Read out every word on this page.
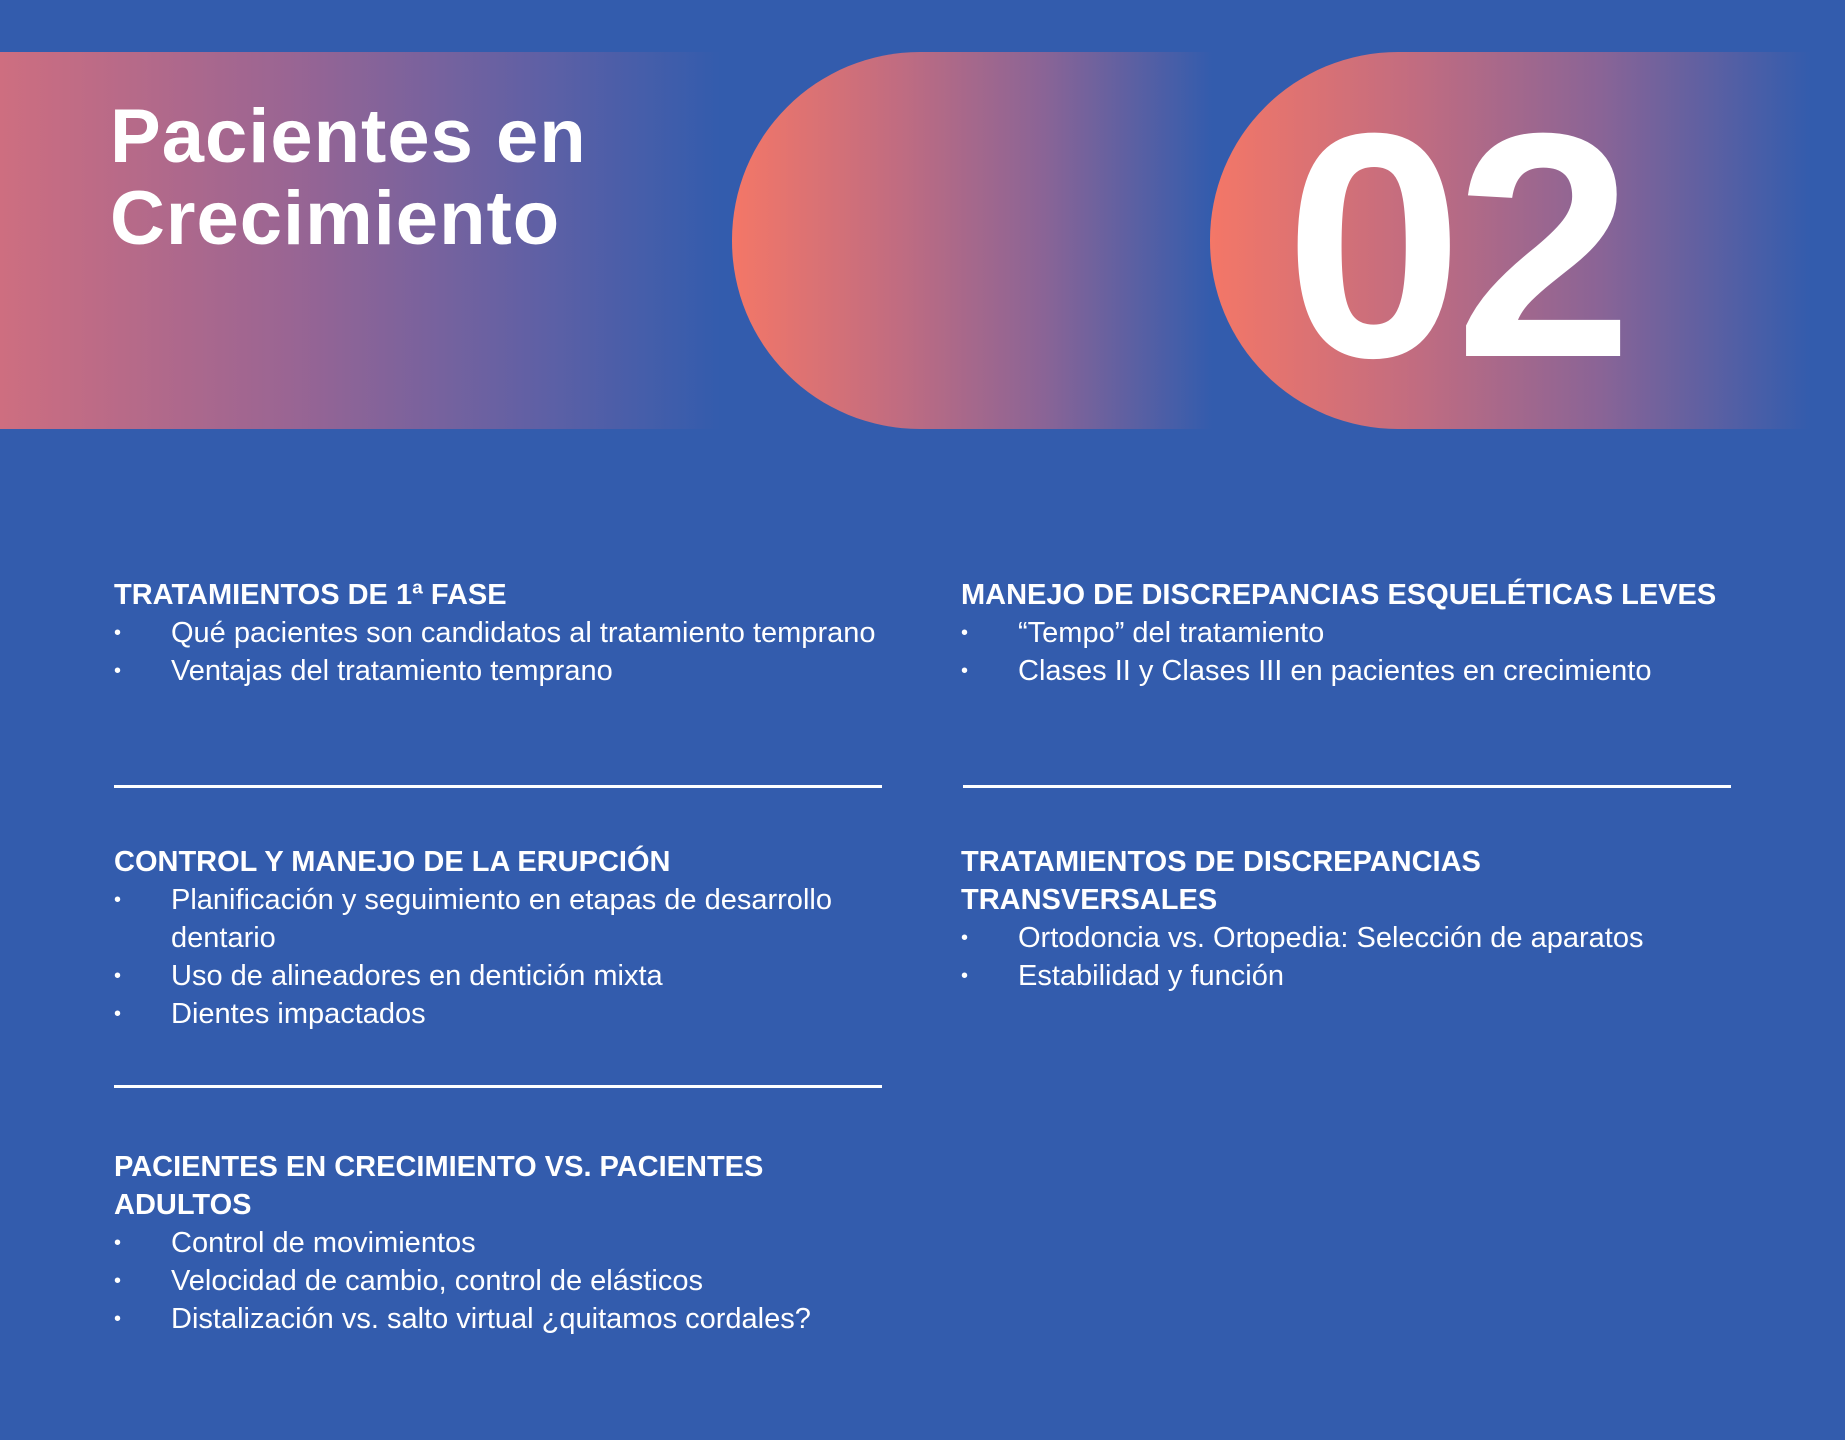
Pacientes en
Crecimiento 02
TRATAMIENTOS DE 1ª FASE
• Qué pacientes son candidatos al tratamiento temprano
• Ventajas del tratamiento temprano
MANEJO DE DISCREPANCIAS ESQUELÉTICAS LEVES
• “Tempo” del tratamiento
• Clases II y Clases III en pacientes en crecimiento
CONTROL Y MANEJO DE LA ERUPCIÓN
• Planificación y seguimiento en etapas de desarrollo dentario
• Uso de alineadores en dentición mixta
• Dientes impactados
TRATAMIENTOS DE DISCREPANCIAS TRANSVERSALES
• Ortodoncia vs. Ortopedia: Selección de aparatos
• Estabilidad y función
PACIENTES EN CRECIMIENTO VS. PACIENTES ADULTOS
• Control de movimientos
• Velocidad de cambio, control de elásticos
• Distalización vs. salto virtual ¿quitamos cordales?
